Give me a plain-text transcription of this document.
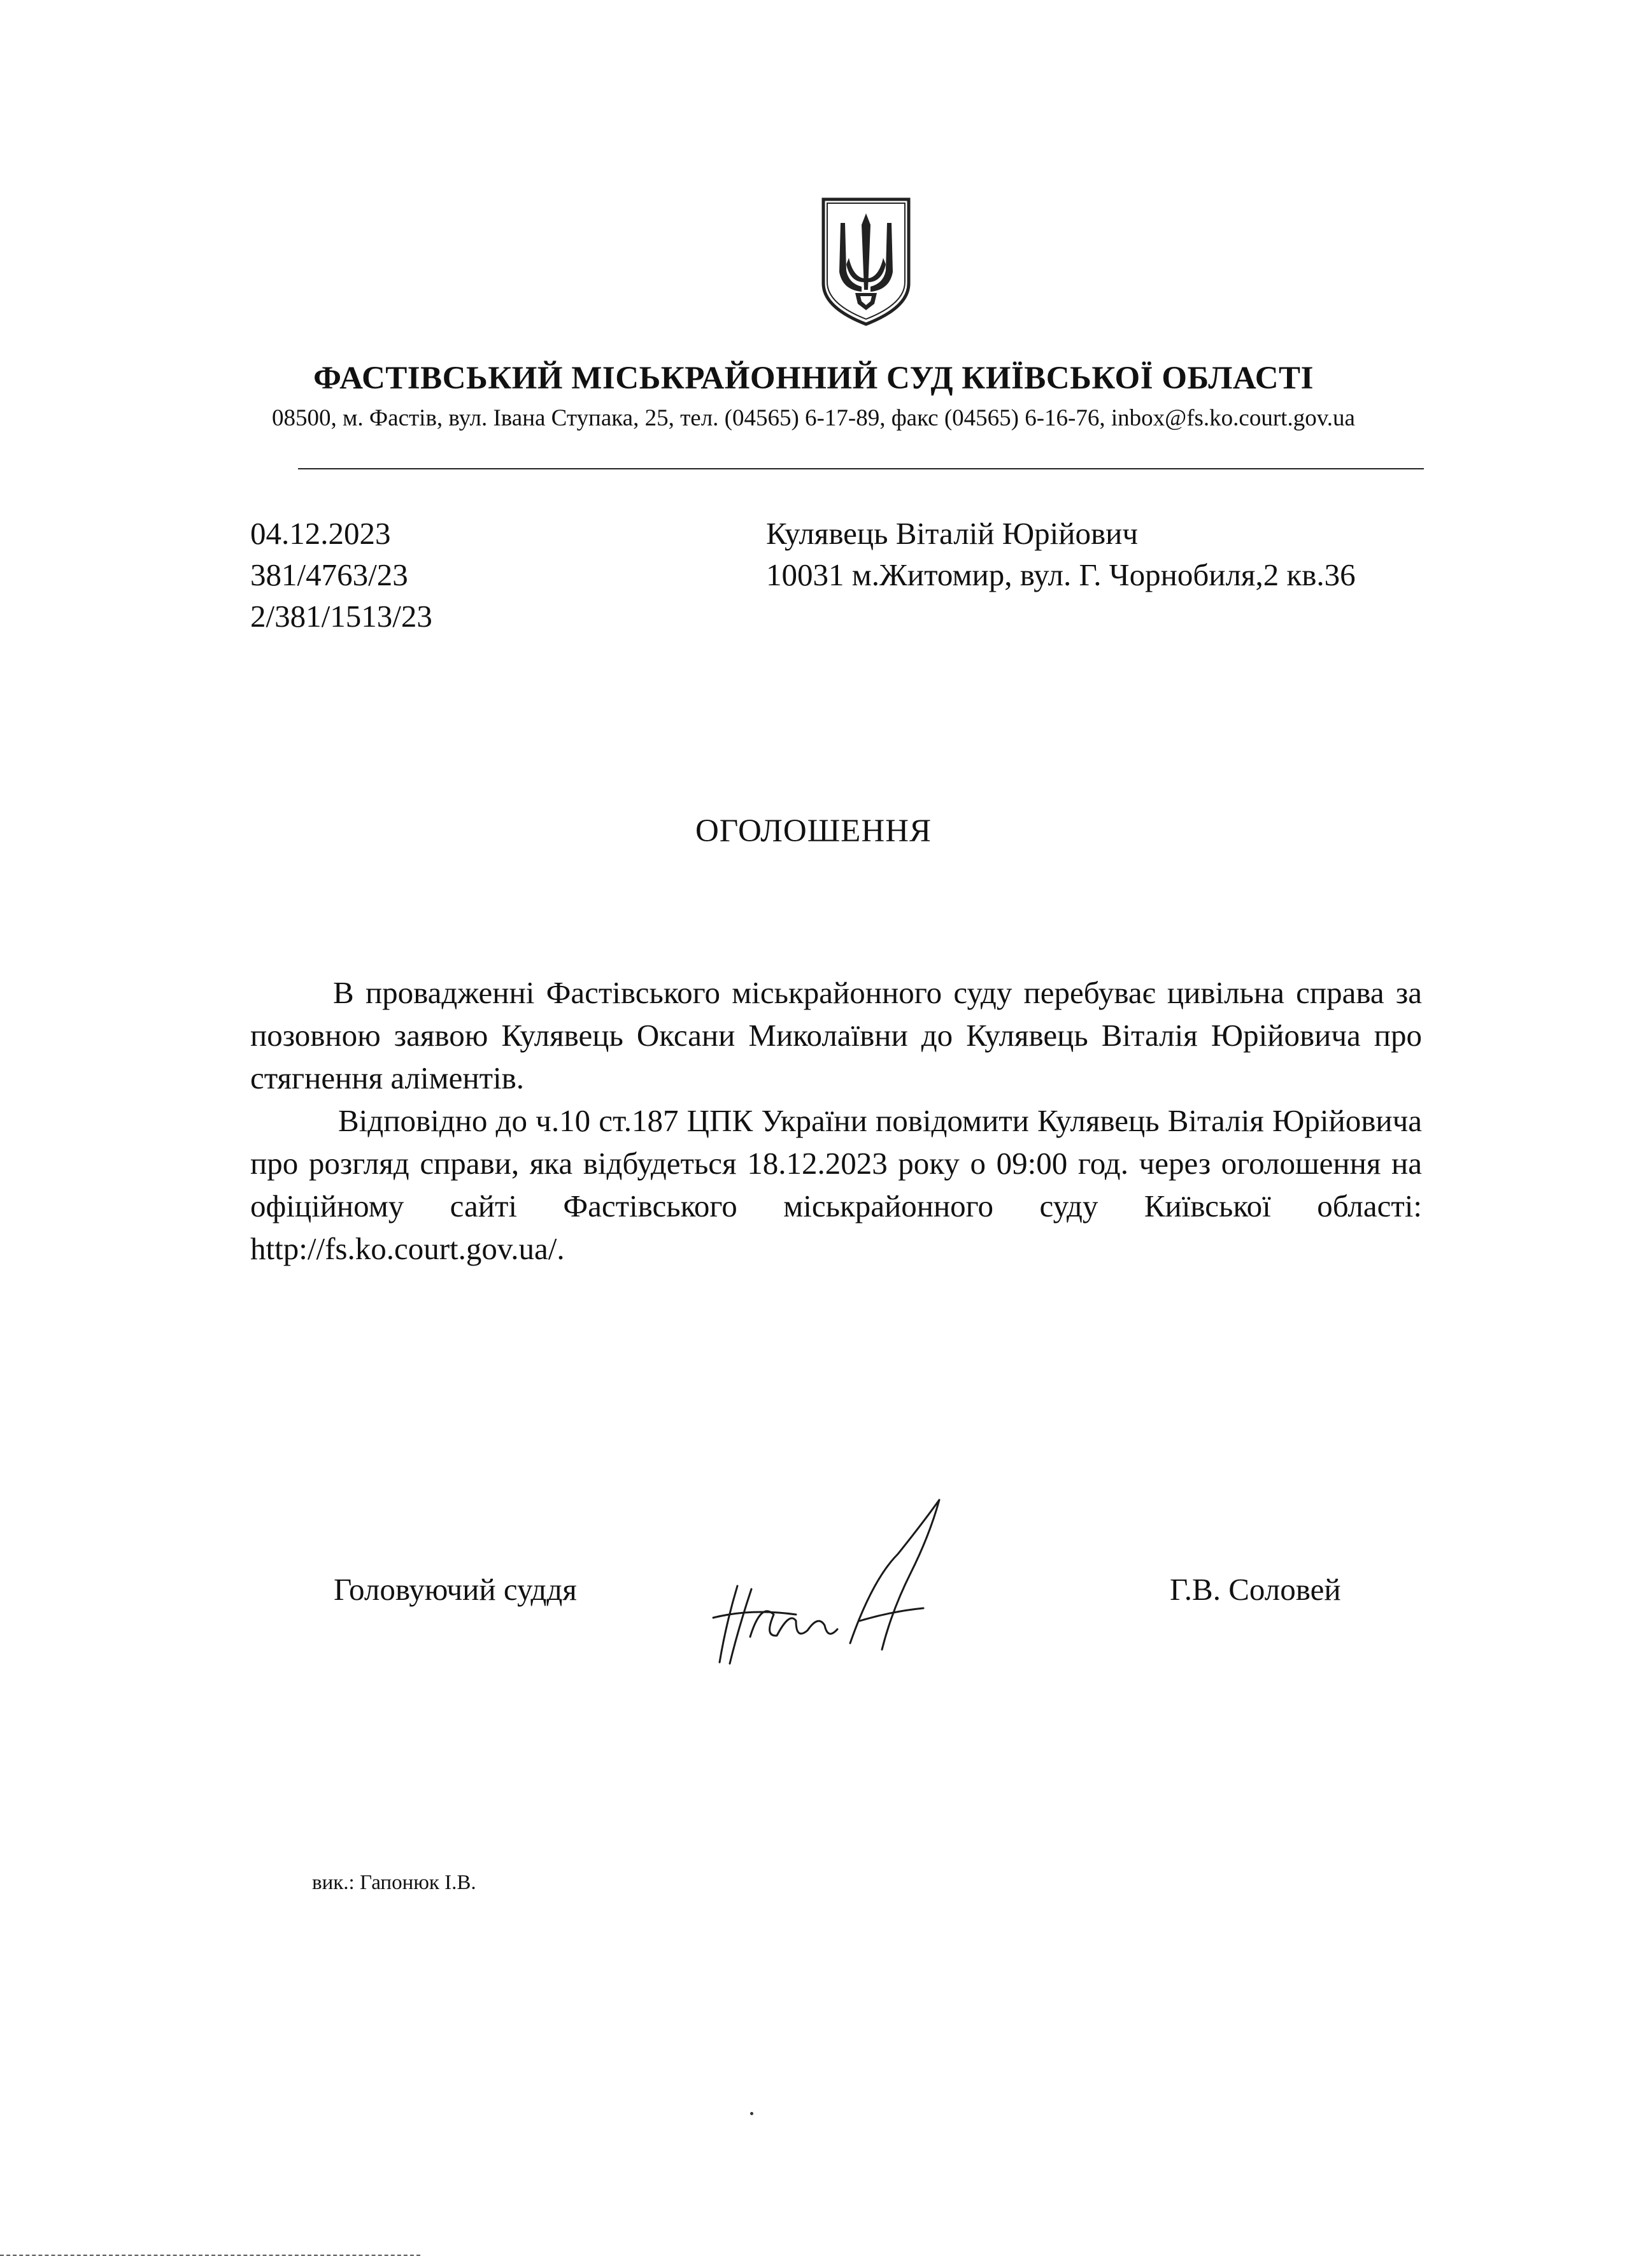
ФАСТІВСЬКИЙ МІСЬКРАЙОННИЙ СУД КИЇВСЬКОЇ ОБЛАСТІ
08500, м. Фастів, вул. Івана Ступака, 25, тел. (04565) 6-17-89, факс (04565) 6-16-76, inbox@fs.ko.court.gov.ua
04.12.2023
381/4763/23
2/381/1513/23
Кулявець Віталій Юрійович
10031 м.Житомир, вул. Г. Чорнобиля,2 кв.36
ОГОЛОШЕННЯ
В провадженні Фастівського міськрайонного суду перебуває цивільна справа за позовною заявою Кулявець Оксани Миколаївни до Кулявець Віталія Юрійовича про стягнення аліментів.
Відповідно до ч.10 ст.187 ЦПК України повідомити Кулявець Віталія Юрійовича про розгляд справи, яка відбудеться 18.12.2023 року о 09:00 год. через оголошення на офіційному сайті Фастівського міськрайонного суду Київської області: http://fs.ko.court.gov.ua/.
Головуючий суддя	Г.В. Соловей
вик.: Гапонюк І.В.
